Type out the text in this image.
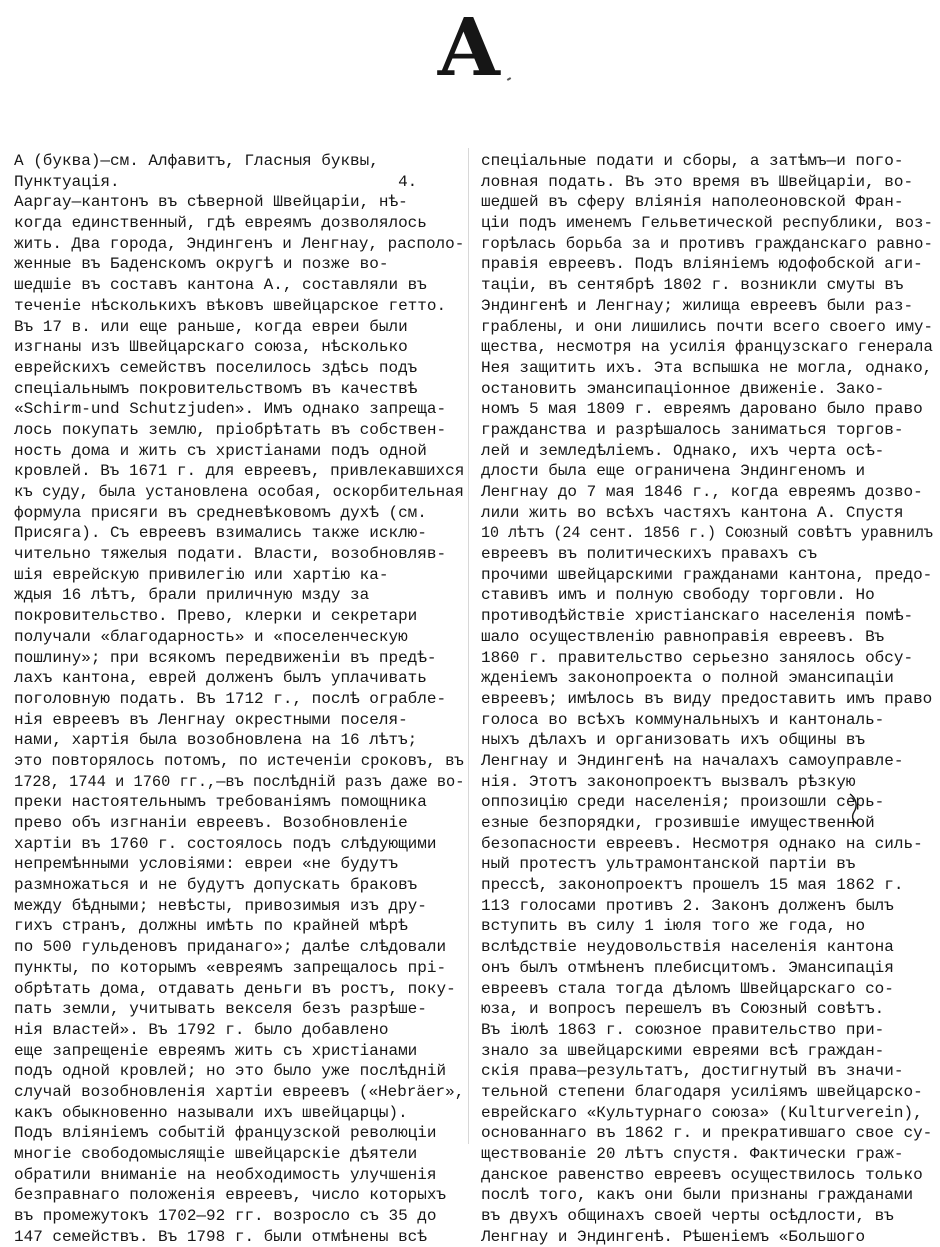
А
А (буква)—см. Алфавитъ, Гласныя буквы,
Пунктуація.                             4.
Ааргау—кантонъ въ сѣверной Швейцаріи, нѣ-
когда единственный, гдѣ евреямъ дозволялось
жить. Два города, Эндингенъ и Ленгнау, располо-
женные въ Баденскомъ округѣ и позже во-
шедшіе въ составъ кантона А., составляли въ
теченіе нѣсколькихъ вѣковъ швейцарское гетто.
Въ 17 в. или еще раньше, когда евреи были
изгнаны изъ Швейцарскаго союза, нѣсколько
еврейскихъ семействъ поселилось здѣсь подъ
спеціальнымъ покровительствомъ въ качествѣ
«Schirm-und Schutzjuden». Имъ однако запреща-
лось покупать землю, пріобрѣтать въ собствен-
ность дома и жить съ христіанами подъ одной
кровлей. Въ 1671 г. для евреевъ, привлекавшихся
къ суду, была установлена особая, оскорбительная
формула присяги въ средневѣковомъ духѣ (см.
Присяга). Съ евреевъ взимались также исклю-
чительно тяжелыя подати. Власти, возобновляв-
шія еврейскую привилегію или хартію ка-
ждыя 16 лѣтъ, брали приличную мзду за
покровительство. Прево, клерки и секретари
получали «благодарность» и «поселенческую
пошлину»; при всякомъ передвиженіи въ предѣ-
лахъ кантона, еврей долженъ былъ уплачивать
поголовную подать. Въ 1712 г., послѣ ограбле-
нія евреевъ въ Ленгнау окрестными поселя-
нами, хартія была возобновлена на 16 лѣтъ;
это повторялось потомъ, по истеченіи сроковъ, въ
1728, 1744 и 1760 гг.,—въ послѣдній разъ даже во-
преки настоятельнымъ требованіямъ помощника
прево объ изгнаніи евреевъ. Возобновленіе
хартіи въ 1760 г. состоялось подъ слѣдующими
непремѣнными условіями: евреи «не будутъ
размножаться и не будутъ допускать браковъ
между бѣдными; невѣсты, привозимыя изъ дру-
гихъ странъ, должны имѣть по крайней мѣрѣ
по 500 гульденовъ приданаго»; далѣе слѣдовали
пункты, по которымъ «евреямъ запрещалось прі-
обрѣтать дома, отдавать деньги въ ростъ, поку-
пать земли, учитывать векселя безъ разрѣше-
нія властей». Въ 1792 г. было добавлено
еще запрещеніе евреямъ жить съ христіанами
подъ одной кровлей; но это было уже послѣдній
случай возобновленія хартіи евреевъ («Hebräer»,
какъ обыкновенно называли ихъ швейцарцы).
Подъ вліяніемъ событій французской революціи
многіе свободомыслящіе швейцарскіе дѣятели
обратили вниманіе на необходимость улучшенія
безправнаго положенія евреевъ, число которыхъ
въ промежутокъ 1702—92 гг. возросло съ 35 до
147 семействъ. Въ 1798 г. были отмѣнены всѣ
спеціальные подати и сборы, а затѣмъ—и пого-
ловная подать. Въ это время въ Швейцаріи, во-
шедшей въ сферу вліянія наполеоновской Фран-
ціи подъ именемъ Гельветической республики, воз-
горѣлась борьба за и противъ гражданскаго равно-
правія евреевъ. Подъ вліяніемъ юдофобской аги-
таціи, въ сентябрѣ 1802 г. возникли смуты въ
Эндингенѣ и Ленгнау; жилища евреевъ были раз-
граблены, и они лишились почти всего своего иму-
щества, несмотря на усилія французскаго генерала
Нея защитить ихъ. Эта вспышка не могла, однако,
остановить эмансипаціонное движеніе. Зако-
номъ 5 мая 1809 г. евреямъ даровано было право
гражданства и разрѣшалось заниматься торгов-
лей и земледѣліемъ. Однако, ихъ черта осѣ-
длости была еще ограничена Эндингеномъ и
Ленгнау до 7 мая 1846 г., когда евреямъ дозво-
лили жить во всѣхъ частяхъ кантона А. Спустя
10 лѣтъ (24 сент. 1856 г.) Союзный совѣтъ уравнилъ
евреевъ въ политическихъ правахъ съ
прочими швейцарскими гражданами кантона, предо-
ставивъ имъ и полную свободу торговли. Но
противодѣйствіе христіанскаго населенія помѣ-
шало осуществленію равноправія евреевъ. Въ
1860 г. правительство серьезно занялось обсу-
жденіемъ законопроекта о полной эмансипаціи
евреевъ; имѣлось въ виду предоставить имъ право
голоса во всѣхъ коммунальныхъ и кантональ-
ныхъ дѣлахъ и организовать ихъ общины въ
Ленгнау и Эндингенѣ на началахъ самоуправле-
нія. Этотъ законопроектъ вызвалъ рѣзкую
оппозицію среди населенія; произошли серь-
езные безпорядки, грозившіе имущественной
безопасности евреевъ. Несмотря однако на силь-
ный протестъ ультрамонтанской партіи въ
прессѣ, законопроектъ прошелъ 15 мая 1862 г.
113 голосами противъ 2. Законъ долженъ былъ
вступить въ силу 1 іюля того же года, но
вслѣдствіе неудовольствія населенія кантона
онъ былъ отмѣненъ плебисцитомъ. Эмансипація
евреевъ стала тогда дѣломъ Швейцарскаго со-
юза, и вопросъ перешелъ въ Союзный совѣтъ.
Въ іюлѣ 1863 г. союзное правительство при-
знало за швейцарскими евреями всѣ граждан-
скія права—результатъ, достигнутый въ значи-
тельной степени благодаря усиліямъ швейцарско-
еврейскаго «Культурнаго союза» (Kulturverein),
основаннаго въ 1862 г. и прекратившаго свое су-
ществованіе 20 лѣтъ спустя. Фактически граж-
данское равенство евреевъ осуществилось только
послѣ того, какъ они были признаны гражданами
въ двухъ общинахъ своей черты осѣдлости, въ
Ленгнау и Эндингенѣ. Рѣшеніемъ «Большого
